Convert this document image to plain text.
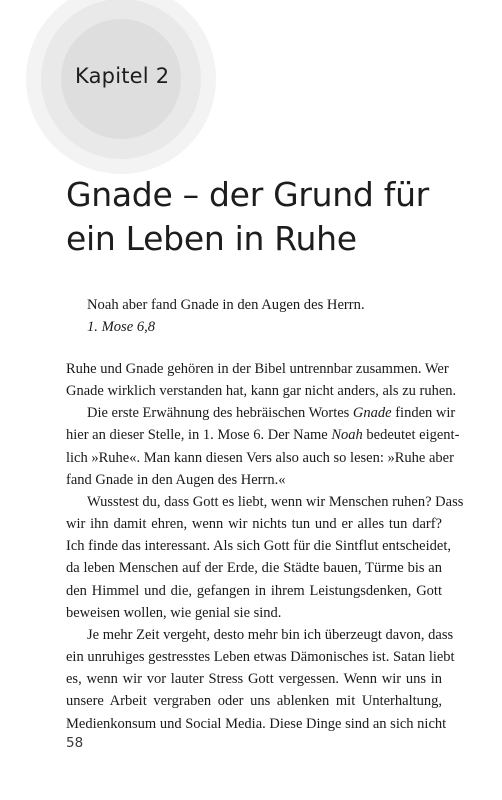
Kapitel 2
Gnade – der Grund für
ein Leben in Ruhe
Noah aber fand Gnade in den Augen des Herrn.
1. Mose 6,8
Ruhe und Gnade gehören in der Bibel untrennbar zusammen. Wer
Gnade wirklich verstanden hat, kann gar nicht anders, als zu ruhen.
Die erste Erwähnung des hebräischen Wortes Gnade finden wir
hier an dieser Stelle, in 1. Mose 6. Der Name Noah bedeutet eigent-
lich »Ruhe«. Man kann diesen Vers also auch so lesen: »Ruhe aber
fand Gnade in den Augen des Herrn.«
Wusstest du, dass Gott es liebt, wenn wir Menschen ruhen? Dass
wir ihn damit ehren, wenn wir nichts tun und er alles tun darf?
Ich finde das interessant. Als sich Gott für die Sintflut entscheidet,
da leben Menschen auf der Erde, die Städte bauen, Türme bis an
den Himmel und die, gefangen in ihrem Leistungsdenken, Gott
beweisen wollen, wie genial sie sind.
Je mehr Zeit vergeht, desto mehr bin ich überzeugt davon, dass
ein unruhiges gestresstes Leben etwas Dämonisches ist. Satan liebt
es, wenn wir vor lauter Stress Gott vergessen. Wenn wir uns in
unsere Arbeit vergraben oder uns ablenken mit Unterhaltung,
Medienkonsum und Social Media. Diese Dinge sind an sich nicht
58
